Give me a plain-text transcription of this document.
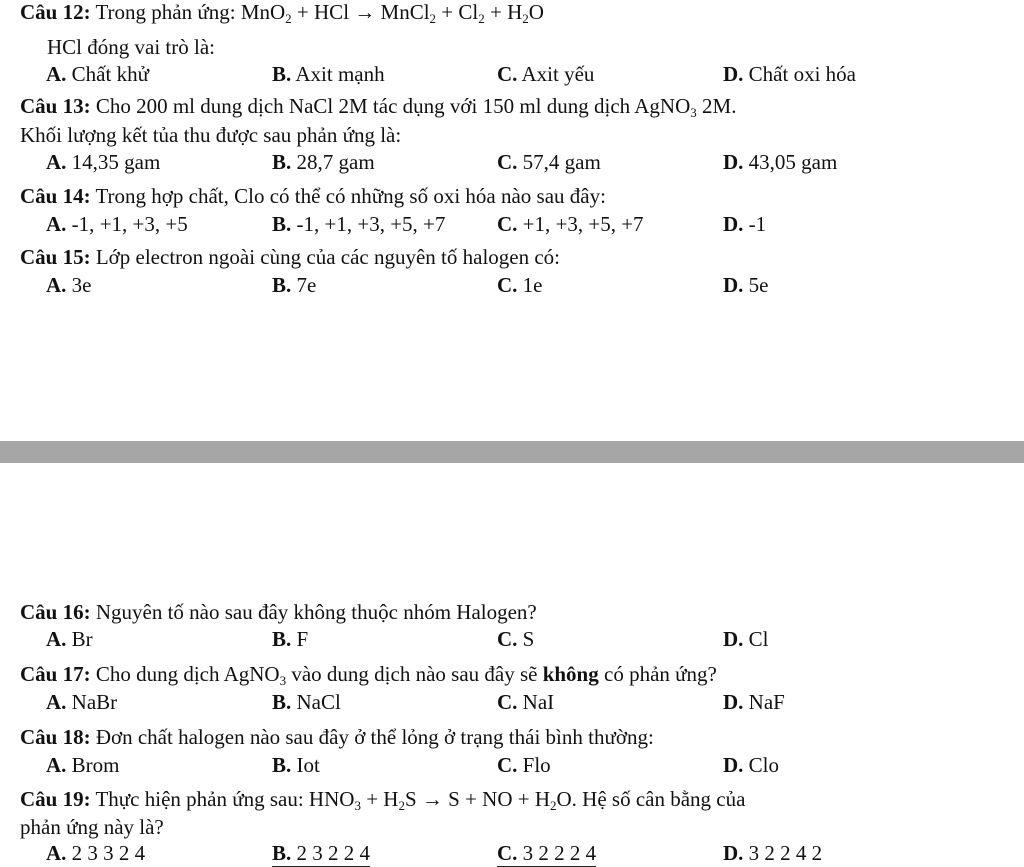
Câu 12: Trong phản ứng: MnO$_2$ + HCl → MnCl$_2$ + $Cl_2 + H_2O$
HCl đóng vai trò là:
A. Chất khử	B. Axit mạnh	C. Axit yếu	D. Chất oxi hóa
Câu 13: Cho 200 ml dung dịch NaCl 2M tác dụng với 150 ml dung dịch AgNO$_3$ 2M.
Khối lượng kết tủa thu được sau phản ứng là:
A. 14,35 gam	B. 28,7 gam	C. 57,4 gam	D. 43,05 gam
Câu 14: Trong hợp chất, Clo có thể có những số oxi hóa nào sau đây:
A. -1, +1, +3, +5	B. -1, +1, +3, +5, +7 C. +1, +3, +5, +7	D. -1
Câu 15: Lớp electron ngoài cùng của các nguyên tố halogen có:
A. 3e	B. 7e	C. 1e	D. 5e
Câu 16: Nguyên tố nào sau đây không thuộc nhóm Halogen?
A. Br	B. F	C. S	D. Cl
Câu 17: Cho dung dịch AgNO$_3$ vào dung dịch nào sau đây sẽ không có phản ứng?
A. NaBr	B. NaCl	C. NaI	D. NaF
Câu 18: Đơn chất halogen nào sau đây ở thể lỏng ở trạng thái bình thường:
A. Brom	B. Iot	C. Flo	D. Clo
Câu 19: Thực hiện phản ứng sau: $HNO_3 + H_2S \to S$ + NO + $H_2O$. Hệ số cân bằng của
phản ứng này là?
A. 2 3 3 2 4	B. 2 3 2 2 4	C. 3 2 2 2 4	D. 3 2 2 4 2
